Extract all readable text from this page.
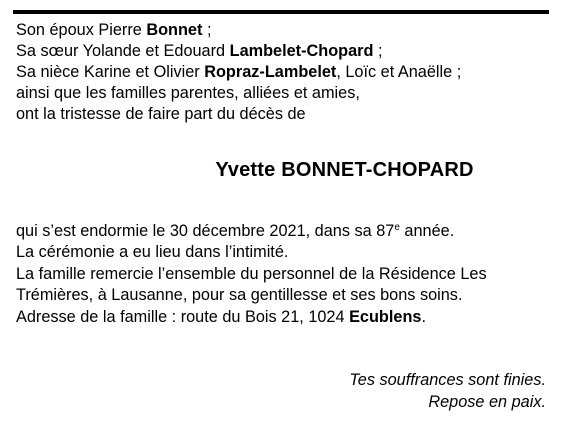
Son époux Pierre Bonnet ;
Sa sœur Yolande et Edouard Lambelet-Chopard ;
Sa nièce Karine et Olivier Ropraz-Lambelet, Loïc et Anaëlle ;
ainsi que les familles parentes, alliées et amies,
ont la tristesse de faire part du décès de
Yvette BONNET-CHOPARD
qui s’est endormie le 30 décembre 2021, dans sa 87e année.
La cérémonie a eu lieu dans l’intimité.
La famille remercie l’ensemble du personnel de la Résidence Les
Trémières, à Lausanne, pour sa gentillesse et ses bons soins.
Adresse de la famille : route du Bois 21, 1024 Ecublens.
Tes souffrances sont finies.
Repose en paix.
